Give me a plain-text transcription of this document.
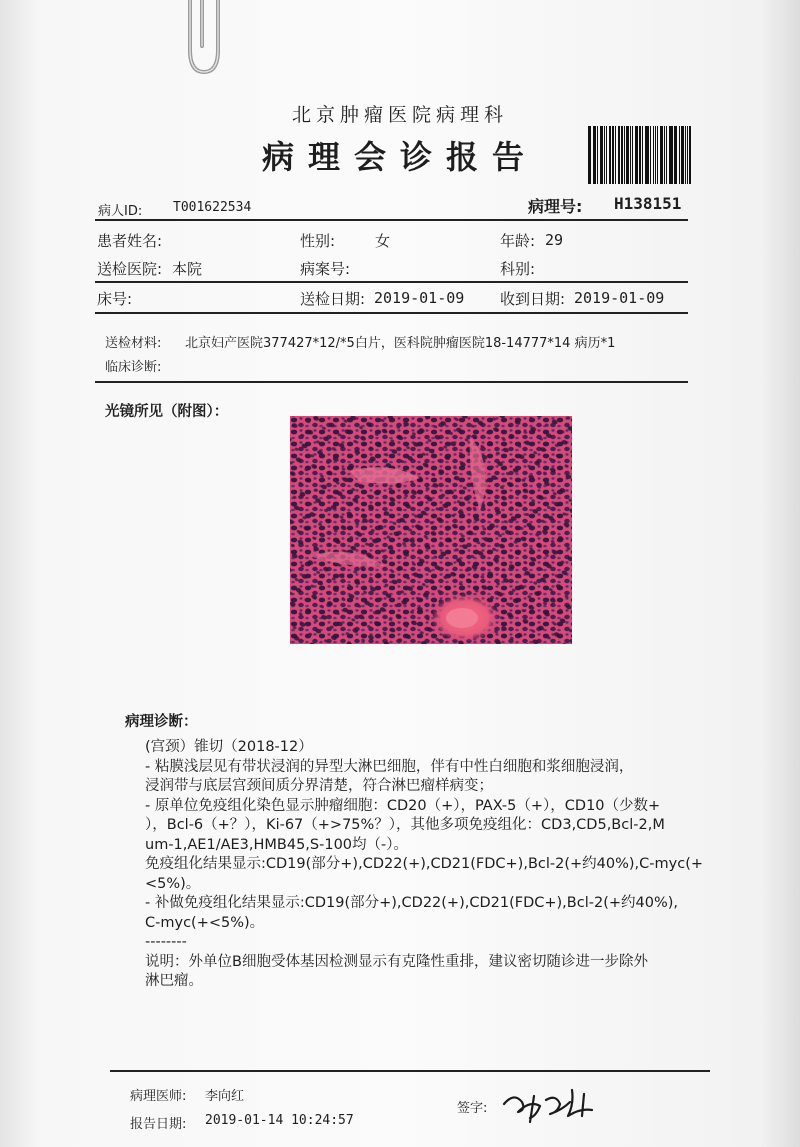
北京肿瘤医院病理科
病理会诊报告
病人ID: T001622534	病理号: H138151
患者姓名:	性别:	女	年龄: 29
送检医院: 本院	病案号:	科别:
床号:	送检日期: 2019-01-09 收到日期: 2019-01-09
送检材料: 北京妇产医院377427*12/*5白片，医科院肿瘤医院18-14777*14 病历*1
临床诊断:
光镜所见（附图）：
病理诊断：
(宫颈）锥切（2018-12）
- 粘膜浅层见有带状浸润的异型大淋巴细胞，伴有中性白细胞和浆细胞浸润，
浸润带与底层宫颈间质分界清楚，符合淋巴瘤样病变；
- 原单位免疫组化染色显示肿瘤细胞：CD20（+），PAX-5（+），CD10（少数+
），Bcl-6（+？），Ki-67（+>75%？），其他多项免疫组化：CD3,CD5,Bcl-2,M
um-1,AE1/AE3,HMB45,S-100均（-）。
免疫组化结果显示:CD19(部分+),CD22(+),CD21(FDC+),Bcl-2(+约40%),C-myc(+
<5%)。
- 补做免疫组化结果显示:CD19(部分+),CD22(+),CD21(FDC+),Bcl-2(+约40%),
C-myc(+<5%)。
--------
说明：外单位B细胞受体基因检测显示有克隆性重排，建议密切随诊进一步除外
淋巴瘤。
病理医师: 李向红
签字:
报告日期: 2019-01-14 10:24:57
